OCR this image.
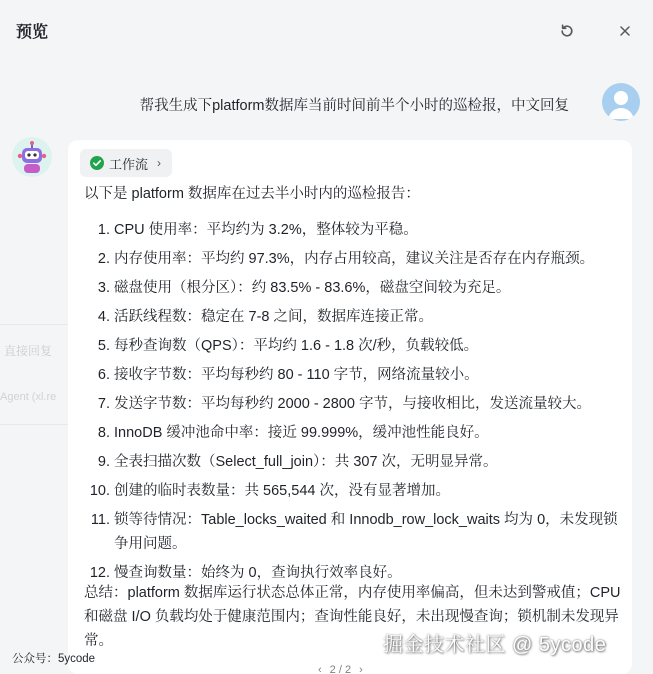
预览
帮我生成下platform数据库当前时间前半个小时的巡检报，中文回复
直接回复
Agent (xl.re
工作流 ›
以下是 platform 数据库在过去半小时内的巡检报告：
1. CPU 使用率：平均约为 3.2%，整体较为平稳。
2. 内存使用率：平均约 97.3%，内存占用较高，建议关注是否存在内存瓶颈。
3. 磁盘使用（根分区）：约 83.5% - 83.6%，磁盘空间较为充足。
4. 活跃线程数：稳定在 7-8 之间，数据库连接正常。
5. 每秒查询数（QPS）：平均约 1.6 - 1.8 次/秒，负载较低。
6. 接收字节数：平均每秒约 80 - 110 字节，网络流量较小。
7. 发送字节数：平均每秒约 2000 - 2800 字节，与接收相比，发送流量较大。
8. InnoDB 缓冲池命中率：接近 99.999%，缓冲池性能良好。
9. 全表扫描次数（Select_full_join）：共 307 次，无明显异常。
10. 创建的临时表数量：共 565,544 次，没有显著增加。
11. 锁等待情况：Table_locks_waited 和 Innodb_row_lock_waits 均为 0，未发现锁争用问题。
12. 慢查询数量：始终为 0，查询执行效率良好。
总结：platform 数据库运行状态总体正常，内存使用率偏高，但未达到警戒值；CPU 和磁盘 I/O 负载均处于健康范围内；查询性能良好，未出现慢查询；锁机制未发现异常。
公众号：5ycode
‹ 2 / 2 ›
掘金技术社区 @ 5ycode
